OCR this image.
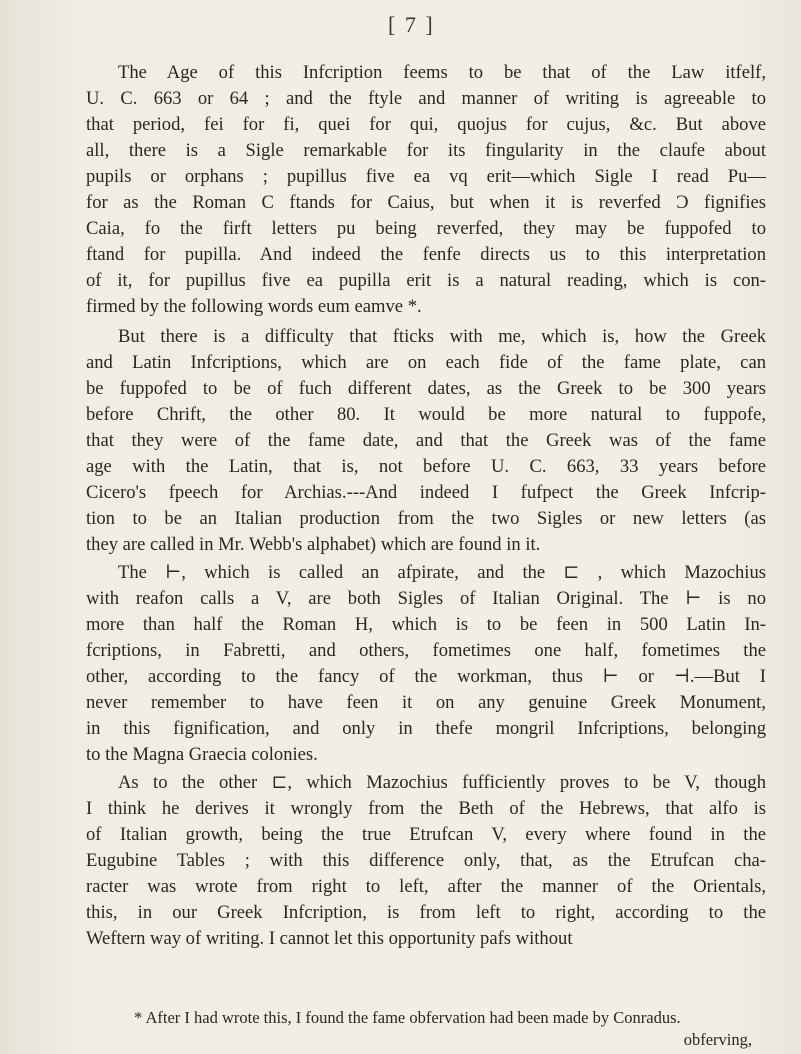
[ 7 ]

The Age of this Infcription feems to be that of the Law itfelf,
U. C. 663 or 64 ; and the ftyle and manner of writing is agreeable to
that period, fei for fi, quei for qui, quojus for cujus, &c. But above
all, there is a Sigle remarkable for its fingularity in the claufe about
pupils or orphans ; pupillus five ea vq erit—which Sigle I read Pu—
for as the Roman C ftands for Caius, but when it is reverfed Ɔ fignifies
Caia, fo the firft letters pu being reverfed, they may be fuppofed to
ftand for pupilla. And indeed the fenfe directs us to this interpretation
of it, for pupillus five ea pupilla erit is a natural reading, which is con-
firmed by the following words eum eamve *.

But there is a difficulty that fticks with me, which is, how the Greek
and Latin Infcriptions, which are on each fide of the fame plate, can
be fuppofed to be of fuch different dates, as the Greek to be 300 years
before Chrift, the other 80. It would be more natural to fuppofe,
that they were of the fame date, and that the Greek was of the fame
age with the Latin, that is, not before U. C. 663, 33 years before
Cicero's fpeech for Archias.---And indeed I fufpect the Greek Infcrip-
tion to be an Italian production from the two Sigles or new letters (as
they are called in Mr. Webb's alphabet) which are found in it.

The ⊢, which is called an afpirate, and the ⊏ , which Mazochius
with reafon calls a V, are both Sigles of Italian Original. The ⊢ is no
more than half the Roman H, which is to be feen in 500 Latin In-
fcriptions, in Fabretti, and others, fometimes one half, fometimes the
other, according to the fancy of the workman, thus ⊢ or ⊣.—But I
never remember to have feen it on any genuine Greek Monument,
in this fignification, and only in thefe mongril Infcriptions, belonging
to the Magna Graecia colonies.

As to the other ⊏, which Mazochius fufficiently proves to be V, though
I think he derives it wrongly from the Beth of the Hebrews, that alfo is
of Italian growth, being the true Etrufcan V, every where found in the
Eugubine Tables ; with this difference only, that, as the Etrufcan cha-
racter was wrote from right to left, after the manner of the Orientals,
this, in our Greek Infcription, is from left to right, according to the
Weftern way of writing. I cannot let this opportunity pafs without

* After I had wrote this, I found the fame obfervation had been made by Conradus.
obferving,
